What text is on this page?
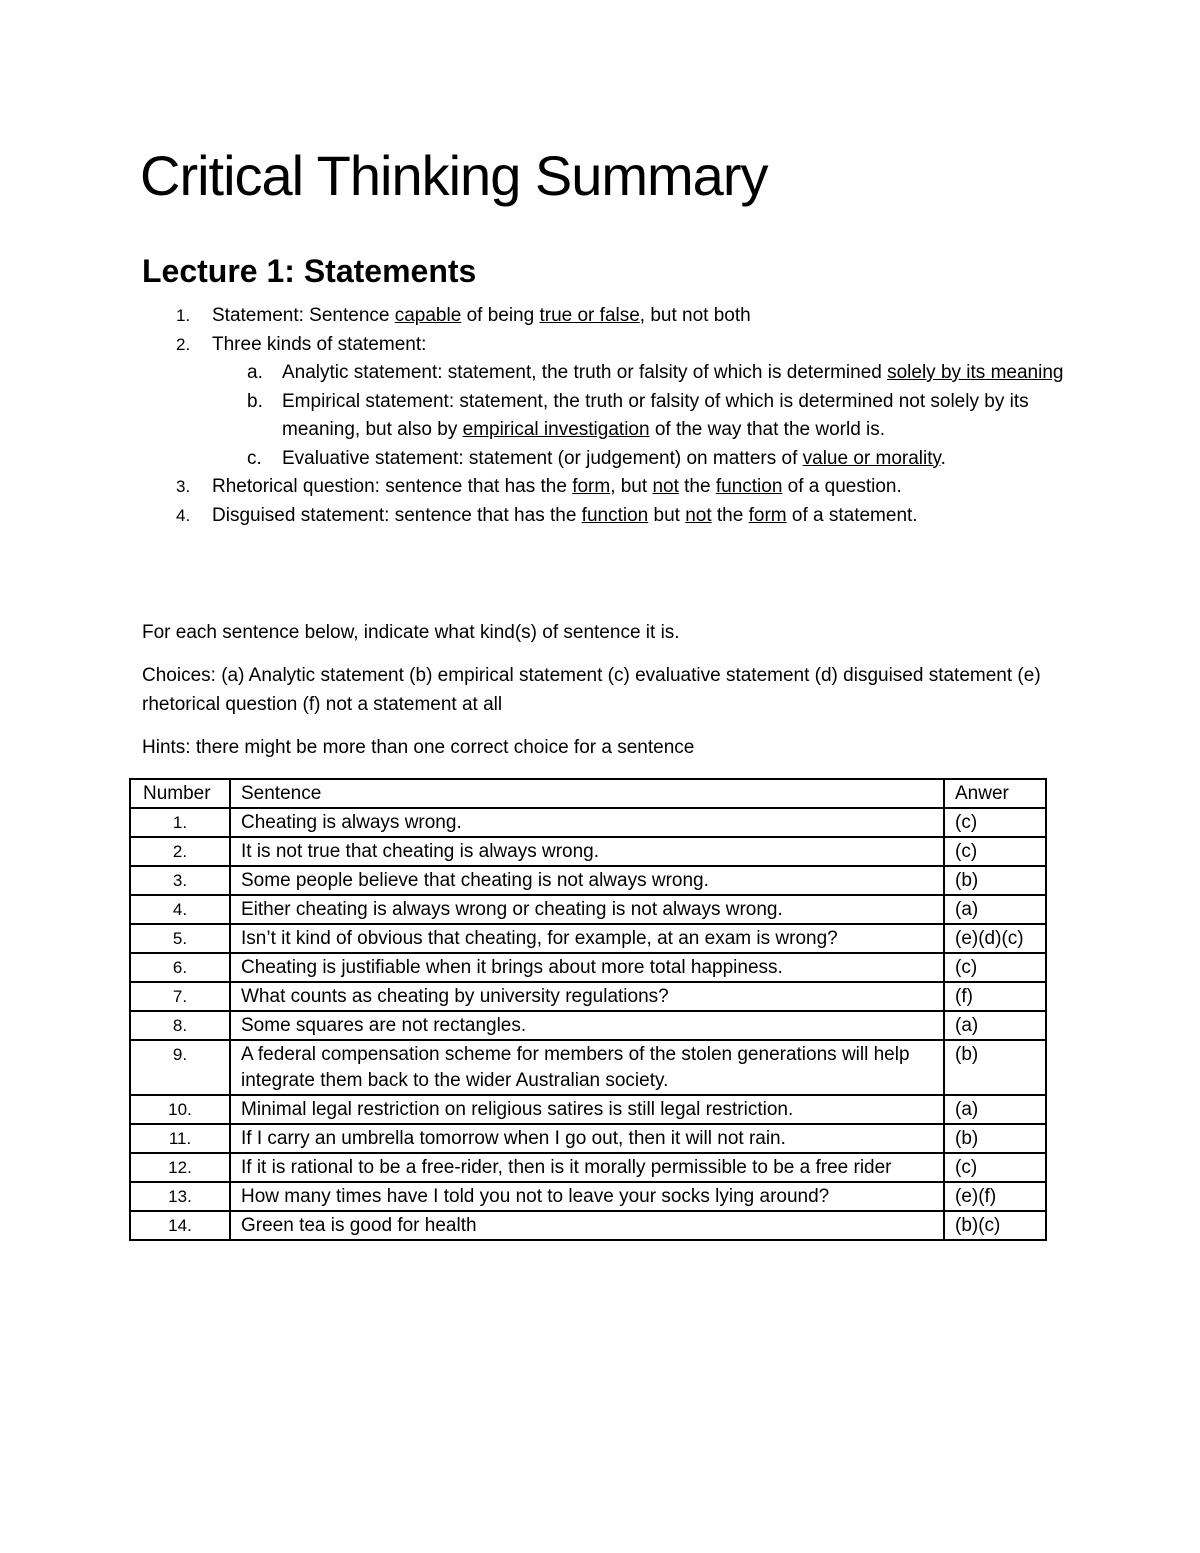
Critical Thinking Summary
Lecture 1: Statements
1. Statement: Sentence capable of being true or false, but not both
2. Three kinds of statement:
a. Analytic statement: statement, the truth or falsity of which is determined solely by its meaning
b. Empirical statement: statement, the truth or falsity of which is determined not solely by its meaning, but also by empirical investigation of the way that the world is.
c. Evaluative statement: statement (or judgement) on matters of value or morality.
3. Rhetorical question: sentence that has the form, but not the function of a question.
4. Disguised statement: sentence that has the function but not the form of a statement.

For each sentence below, indicate what kind(s) of sentence it is.

Choices: (a) Analytic statement (b) empirical statement (c) evaluative statement (d) disguised statement (e) rhetorical question (f) not a statement at all

Hints: there might be more than one correct choice for a sentence

Number	Sentence	Anwer
1.	Cheating is always wrong.	(c)
2.	It is not true that cheating is always wrong.	(c)
3.	Some people believe that cheating is not always wrong.	(b)
4.	Either cheating is always wrong or cheating is not always wrong.	(a)
5.	Isn’t it kind of obvious that cheating, for example, at an exam is wrong?	(e)(d)(c)
6.	Cheating is justifiable when it brings about more total happiness.	(c)
7.	What counts as cheating by university regulations?	(f)
8.	Some squares are not rectangles.	(a)
9.	A federal compensation scheme for members of the stolen generations will help integrate them back to the wider Australian society.	(b)
10.	Minimal legal restriction on religious satires is still legal restriction.	(a)
11.	If I carry an umbrella tomorrow when I go out, then it will not rain.	(b)
12.	If it is rational to be a free-rider, then is it morally permissible to be a free rider	(c)
13.	How many times have I told you not to leave your socks lying around?	(e)(f)
14.	Green tea is good for health	(b)(c)
